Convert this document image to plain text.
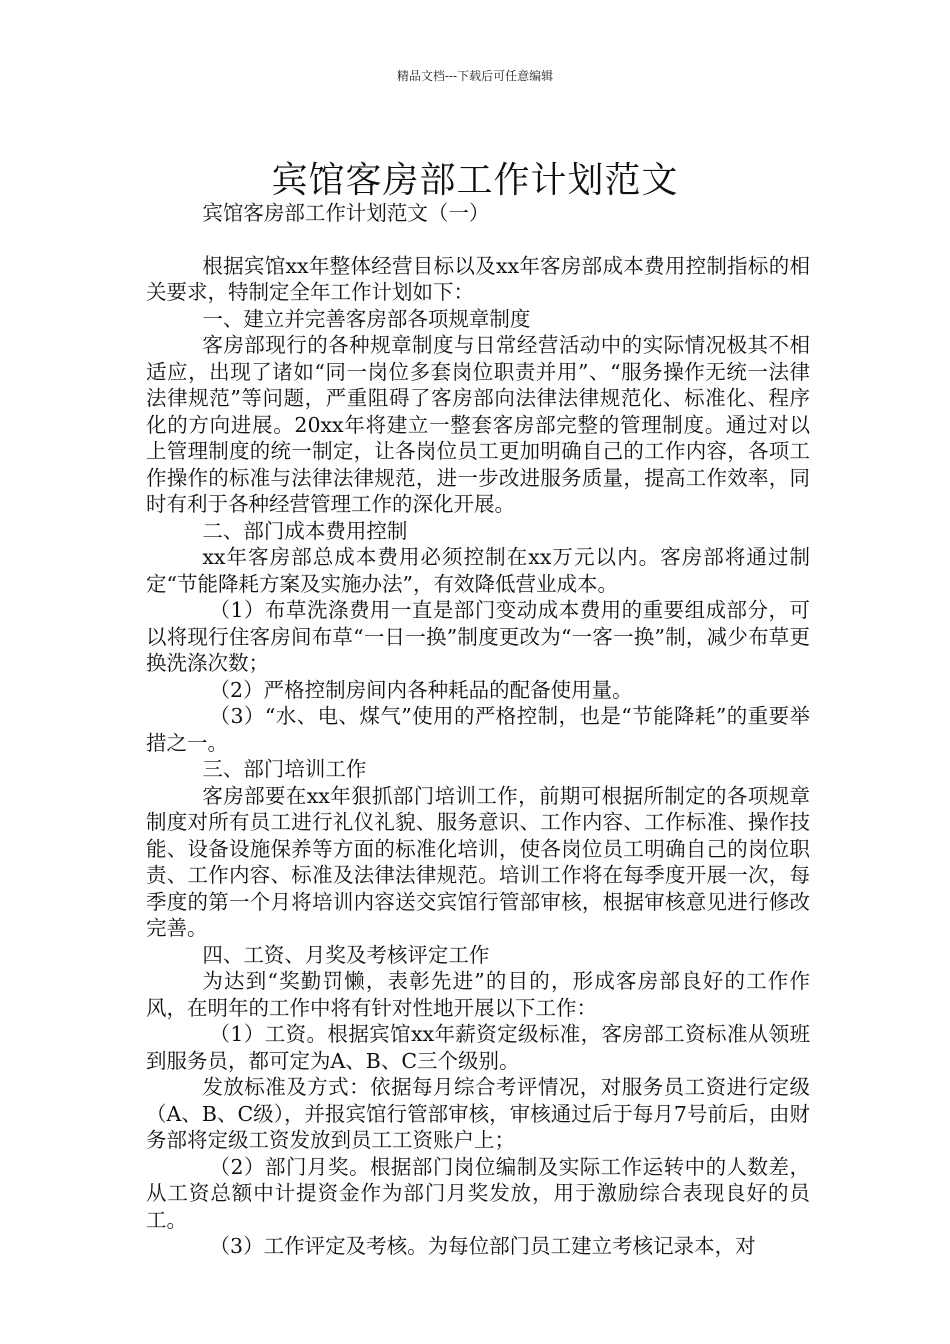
精品文档---下载后可任意编辑
宾馆客房部工作计划范文

宾馆客房部工作计划范文（一）

根据宾馆xx年整体经营目标以及xx年客房部成本费用控制指标的相关要求，特制定全年工作计划如下：

一、建立并完善客房部各项规章制度

客房部现行的各种规章制度与日常经营活动中的实际情况极其不相适应，出现了诸如“同一岗位多套岗位职责并用”、“服务操作无统一法律法律规范”等问题，严重阻碍了客房部向法律法律规范化、标准化、程序化的方向进展。20xx年将建立一整套客房部完整的管理制度。通过对以上管理制度的统一制定，让各岗位员工更加明确自己的工作内容，各项工作操作的标准与法律法律规范，进一步改进服务质量，提高工作效率，同时有利于各种经营管理工作的深化开展。

二、部门成本费用控制

xx年客房部总成本费用必须控制在xx万元以内。客房部将通过制定“节能降耗方案及实施办法”，有效降低营业成本。

（1）布草洗涤费用一直是部门变动成本费用的重要组成部分，可以将现行住客房间布草“一日一换”制度更改为“一客一换”制，减少布草更换洗涤次数；

（2）严格控制房间内各种耗品的配备使用量。

（3）“水、电、煤气”使用的严格控制，也是“节能降耗”的重要举措之一。

三、部门培训工作

客房部要在xx年狠抓部门培训工作，前期可根据所制定的各项规章制度对所有员工进行礼仪礼貌、服务意识、工作内容、工作标准、操作技能、设备设施保养等方面的标准化培训，使各岗位员工明确自己的岗位职责、工作内容、标准及法律法律规范。培训工作将在每季度开展一次，每季度的第一个月将培训内容送交宾馆行管部审核，根据审核意见进行修改完善。

四、工资、月奖及考核评定工作

为达到“奖勤罚懒，表彰先进”的目的，形成客房部良好的工作作风，在明年的工作中将有针对性地开展以下工作：

（1）工资。根据宾馆xx年薪资定级标准，客房部工资标准从领班到服务员，都可定为A、B、C三个级别。

发放标准及方式：依据每月综合考评情况，对服务员工资进行定级（A、B、C级），并报宾馆行管部审核，审核通过后于每月7号前后，由财务部将定级工资发放到员工工资账户上；

（2）部门月奖。根据部门岗位编制及实际工作运转中的人数差，从工资总额中计提资金作为部门月奖发放，用于激励综合表现良好的员工。

（3）工作评定及考核。为每位部门员工建立考核记录本，对
